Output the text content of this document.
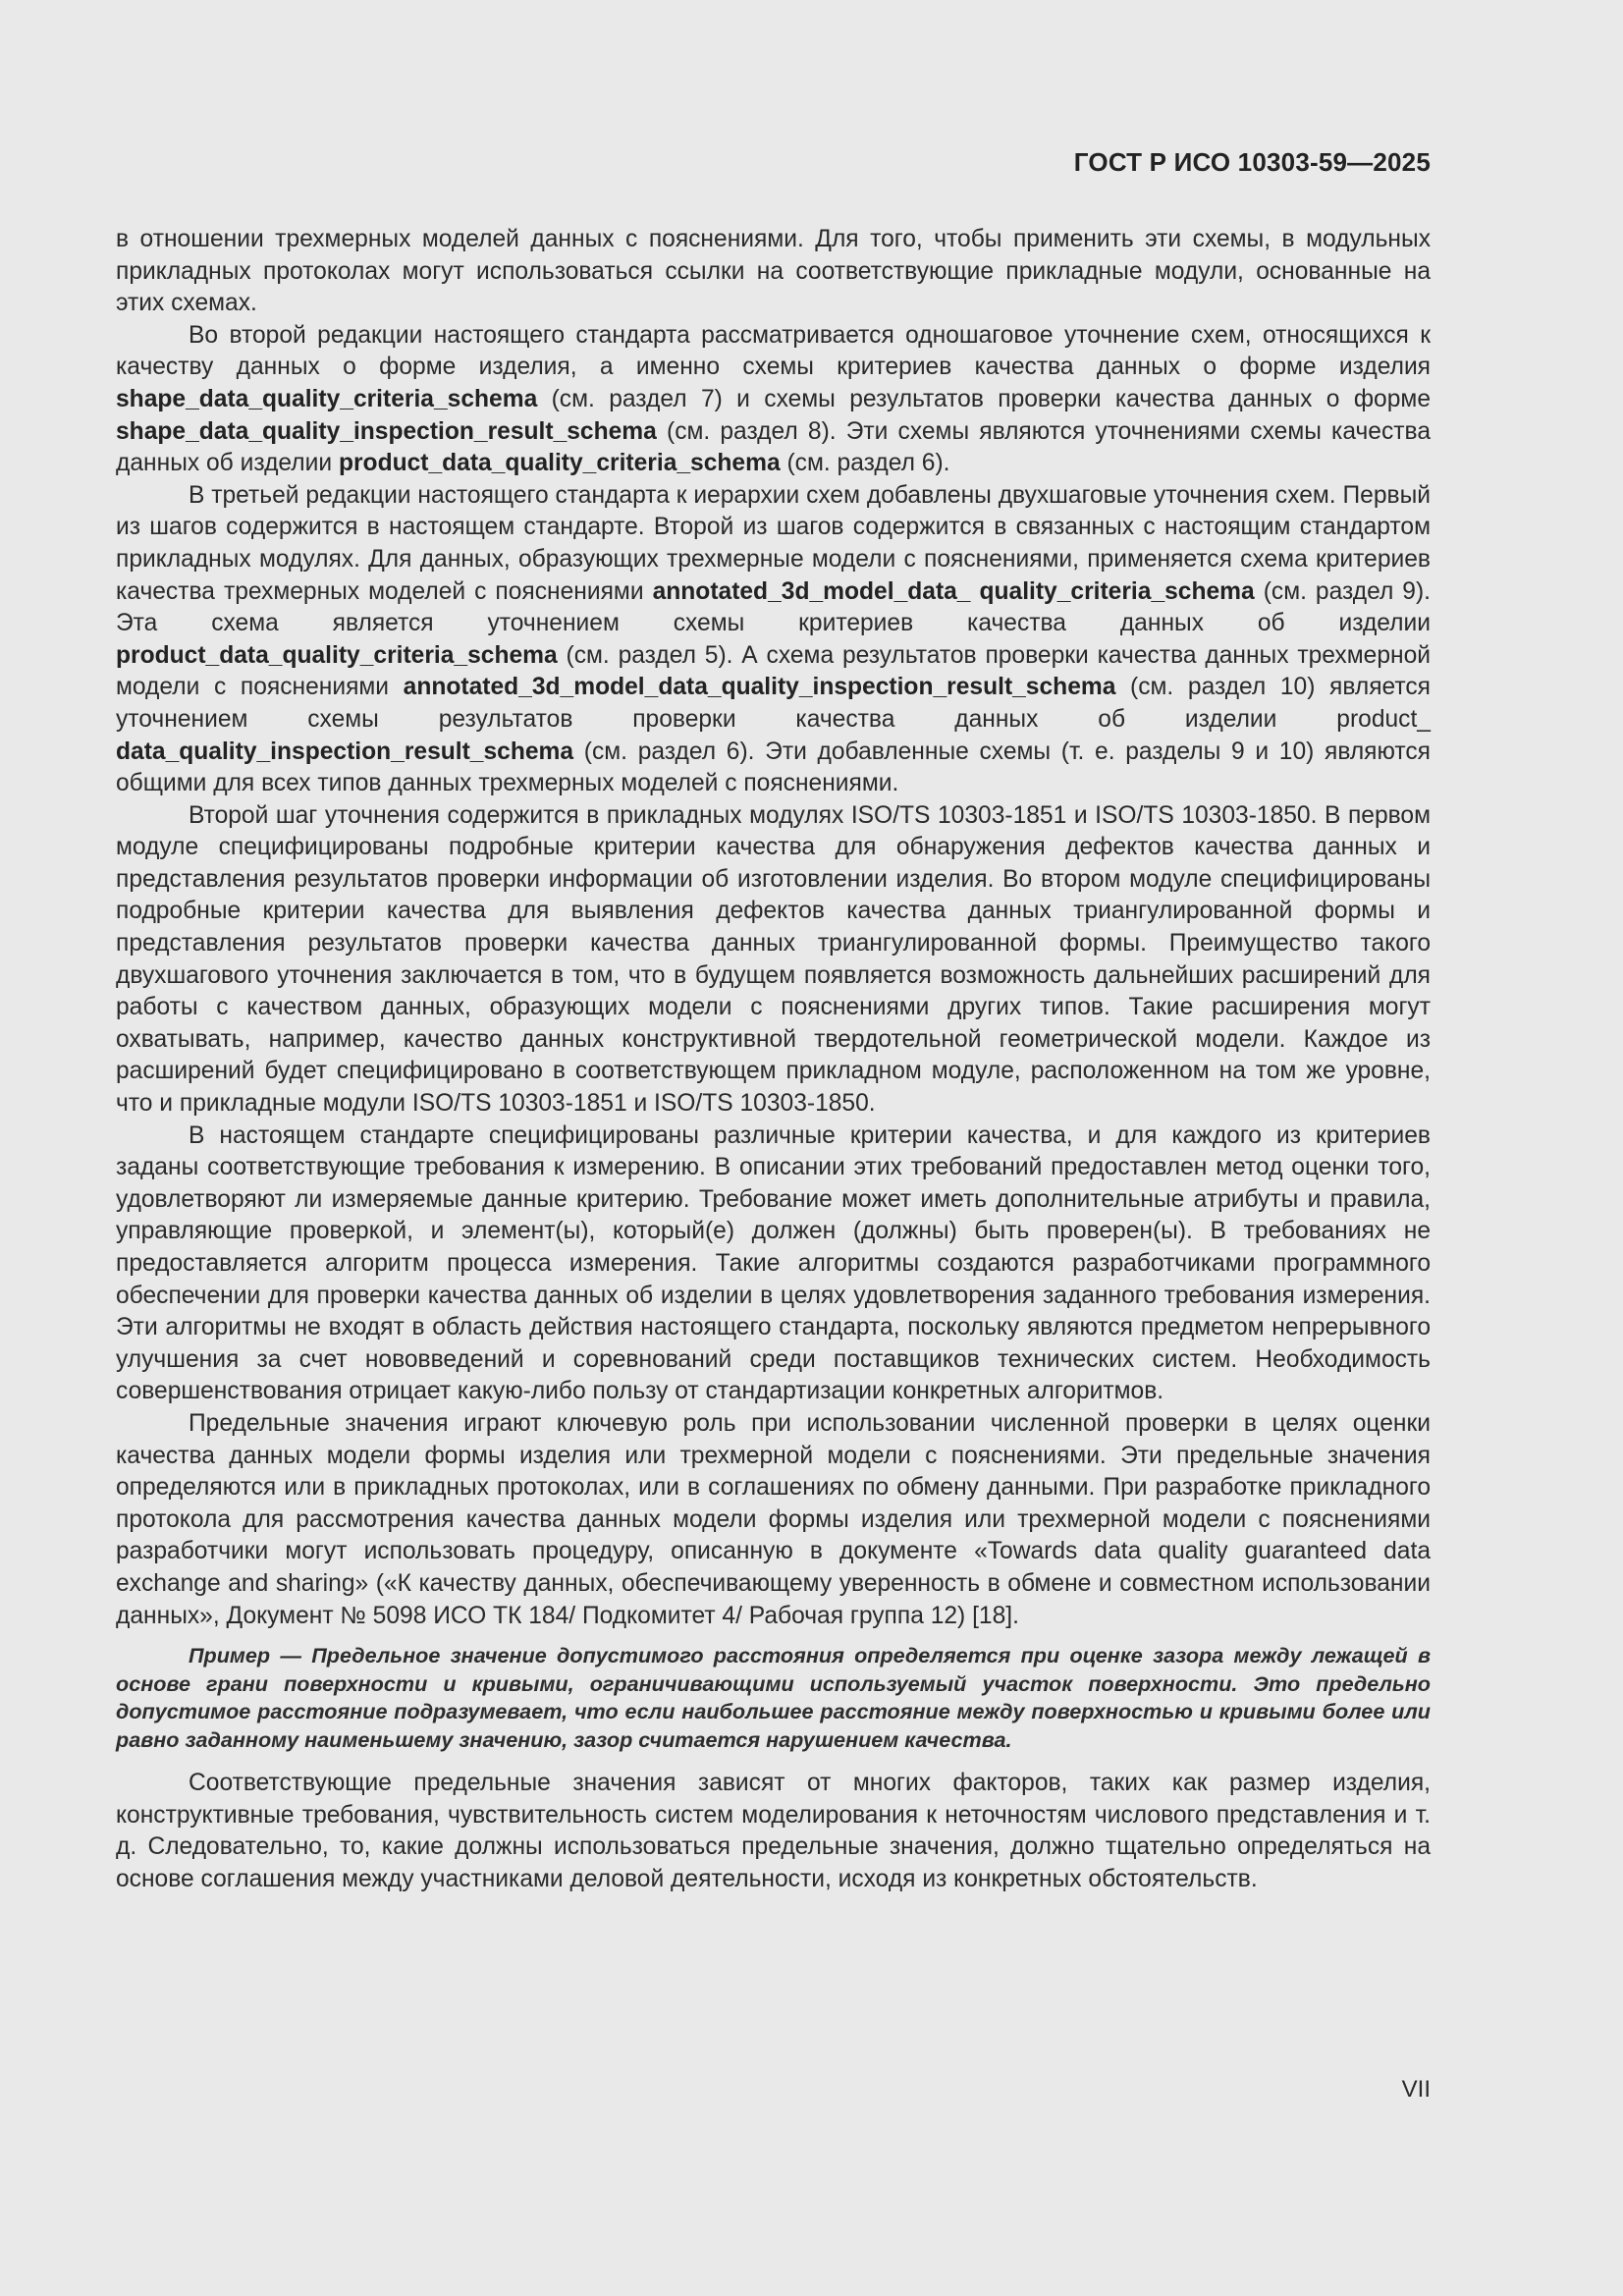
ГОСТ Р ИСО 10303-59—2025

в отношении трехмерных моделей данных с пояснениями. Для того, чтобы применить эти схемы, в модульных прикладных протоколах могут использоваться ссылки на соответствующие прикладные модули, основанные на этих схемах.

Во второй редакции настоящего стандарта рассматривается одношаговое уточнение схем, относящихся к качеству данных о форме изделия, а именно схемы критериев качества данных о форме изделия shape_data_quality_criteria_schema (см. раздел 7) и схемы результатов проверки качества данных о форме shape_data_quality_inspection_result_schema (см. раздел 8). Эти схемы являются уточнениями схемы качества данных об изделии product_data_quality_criteria_schema (см. раздел 6).

В третьей редакции настоящего стандарта к иерархии схем добавлены двухшаговые уточнения схем. Первый из шагов содержится в настоящем стандарте. Второй из шагов содержится в связанных с настоящим стандартом прикладных модулях. Для данных, образующих трехмерные модели с пояснениями, применяется схема критериев качества трехмерных моделей с пояснениями annotated_3d_model_data_ quality_criteria_schema (см. раздел 9). Эта схема является уточнением схемы критериев качества данных об изделии product_data_quality_criteria_schema (см. раздел 5). А схема результатов проверки качества данных трехмерной модели с пояснениями annotated_3d_model_data_quality_inspection_result_schema (см. раздел 10) является уточнением схемы результатов проверки качества данных об изделии product_ data_quality_inspection_result_schema (см. раздел 6). Эти добавленные схемы (т. е. разделы 9 и 10) являются общими для всех типов данных трехмерных моделей с пояснениями.

Второй шаг уточнения содержится в прикладных модулях ISO/TS 10303-1851 и ISO/TS 10303-1850. В первом модуле специфицированы подробные критерии качества для обнаружения дефектов качества данных и представления результатов проверки информации об изготовлении изделия. Во втором модуле специфицированы подробные критерии качества для выявления дефектов качества данных триангулированной формы и представления результатов проверки качества данных триангулированной формы. Преимущество такого двухшагового уточнения заключается в том, что в будущем появляется возможность дальнейших расширений для работы с качеством данных, образующих модели с пояснениями других типов. Такие расширения могут охватывать, например, качество данных конструктивной твердотельной геометрической модели. Каждое из расширений будет специфицировано в соответствующем прикладном модуле, расположенном на том же уровне, что и прикладные модули ISO/TS 10303-1851 и ISO/TS 10303-1850.

В настоящем стандарте специфицированы различные критерии качества, и для каждого из критериев заданы соответствующие требования к измерению. В описании этих требований предоставлен метод оценки того, удовлетворяют ли измеряемые данные критерию. Требование может иметь дополнительные атрибуты и правила, управляющие проверкой, и элемент(ы), который(е) должен (должны) быть проверен(ы). В требованиях не предоставляется алгоритм процесса измерения. Такие алгоритмы создаются разработчиками программного обеспечении для проверки качества данных об изделии в целях удовлетворения заданного требования измерения. Эти алгоритмы не входят в область действия настоящего стандарта, поскольку являются предметом непрерывного улучшения за счет нововведений и соревнований среди поставщиков технических систем. Необходимость совершенствования отрицает какую-либо пользу от стандартизации конкретных алгоритмов.

Предельные значения играют ключевую роль при использовании численной проверки в целях оценки качества данных модели формы изделия или трехмерной модели с пояснениями. Эти предельные значения определяются или в прикладных протоколах, или в соглашениях по обмену данными. При разработке прикладного протокола для рассмотрения качества данных модели формы изделия или трехмерной модели с пояснениями разработчики могут использовать процедуру, описанную в документе «Towards data quality guaranteed data exchange and sharing» («К качеству данных, обеспечивающему уверенность в обмене и совместном использовании данных», Документ № 5098 ИСО ТК 184/ Подкомитет 4/ Рабочая группа 12) [18].

Пример — Предельное значение допустимого расстояния определяется при оценке зазора между лежащей в основе грани поверхности и кривыми, ограничивающими используемый участок поверхности. Это предельно допустимое расстояние подразумевает, что если наибольшее расстояние между поверхностью и кривыми более или равно заданному наименьшему значению, зазор считается нарушением качества.

Соответствующие предельные значения зависят от многих факторов, таких как размер изделия, конструктивные требования, чувствительность систем моделирования к неточностям числового представления и т. д. Следовательно, то, какие должны использоваться предельные значения, должно тщательно определяться на основе соглашения между участниками деловой деятельности, исходя из конкретных обстоятельств.

VII
